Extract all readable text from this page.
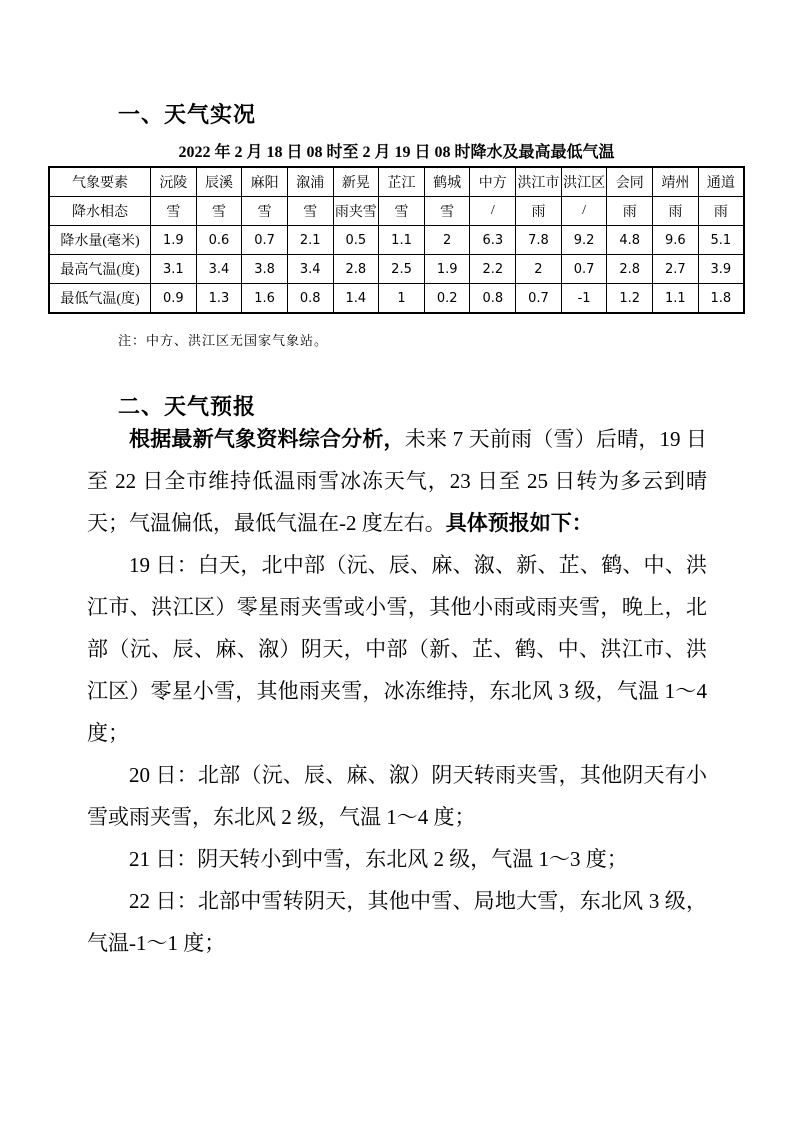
一、天气实况
2022 年 2 月 18 日 08 时至 2 月 19 日 08 时降水及最高最低气温
气象要素	沅陵	辰溪	麻阳	溆浦	新晃	芷江	鹤城	中方	洪江市	洪江区	会同	靖州	通道
降水相态	雪	雪	雪	雪	雨夹雪	雪	雪	/	雨	/	雨	雨	雨
降水量(毫米)	1.9	0.6	0.7	2.1	0.5	1.1	2	6.3	7.8	9.2	4.8	9.6	5.1
最高气温(度)	3.1	3.4	3.8	3.4	2.8	2.5	1.9	2.2	2	0.7	2.8	2.7	3.9
最低气温(度)	0.9	1.3	1.6	0.8	1.4	1	0.2	0.8	0.7	-1	1.2	1.1	1.8
注：中方、洪江区无国家气象站。
二、天气预报

根据最新气象资料综合分析，未来 7 天前雨（雪）后晴，19 日至 22 日全市维持低温雨雪冰冻天气，23 日至 25 日转为多云到晴天；气温偏低，最低气温在-2 度左右。具体预报如下：

19 日：白天，北中部（沅、辰、麻、溆、新、芷、鹤、中、洪江市、洪江区）零星雨夹雪或小雪，其他小雨或雨夹雪，晚上，北部（沅、辰、麻、溆）阴天，中部（新、芷、鹤、中、洪江市、洪江区）零星小雪，其他雨夹雪，冰冻维持，东北风 3 级，气温 1～4 度；

20 日：北部（沅、辰、麻、溆）阴天转雨夹雪，其他阴天有小雪或雨夹雪，东北风 2 级，气温 1～4 度；

21 日：阴天转小到中雪，东北风 2 级，气温 1～3 度；

22 日：北部中雪转阴天，其他中雪、局地大雪，东北风 3 级，气温-1～1 度；
